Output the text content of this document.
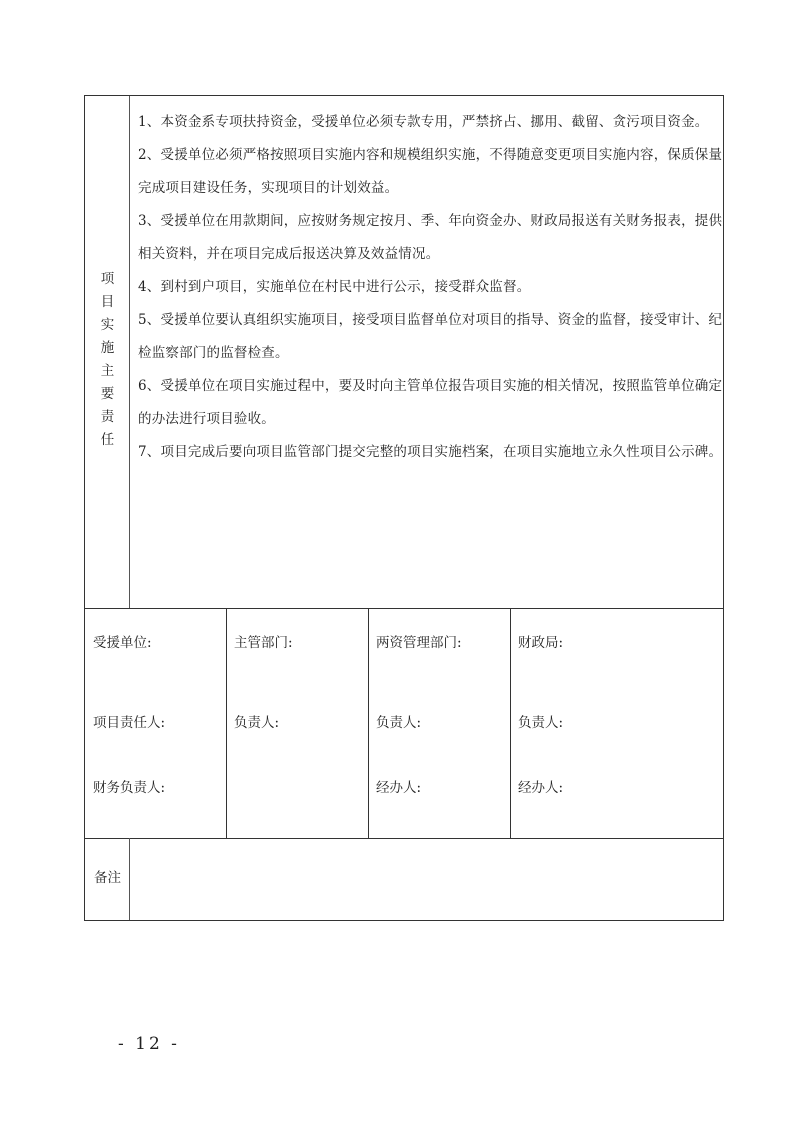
项
目
实
施
主
要
责
任

1、本资金系专项扶持资金，受援单位必须专款专用，严禁挤占、挪用、截留、贪污项目资金。

2、受援单位必须严格按照项目实施内容和规模组织实施，不得随意变更项目实施内容，保质保量完成项目建设任务，实现项目的计划效益。

3、受援单位在用款期间，应按财务规定按月、季、年向资金办、财政局报送有关财务报表，提供相关资料，并在项目完成后报送决算及效益情况。

4、到村到户项目，实施单位在村民中进行公示，接受群众监督。

5、受援单位要认真组织实施项目，接受项目监督单位对项目的指导、资金的监督，接受审计、纪检监察部门的监督检查。

6、受援单位在项目实施过程中，要及时向主管单位报告项目实施的相关情况，按照监管单位确定的办法进行项目验收。

7、项目完成后要向项目监管部门提交完整的项目实施档案，在项目实施地立永久性项目公示碑。

受援单位:
项目责任人:
财务负责人:
主管部门:
负责人:
两资管理部门:
负责人:
经办人:
财政局:
负责人:
经办人:
备注
- 12 -
